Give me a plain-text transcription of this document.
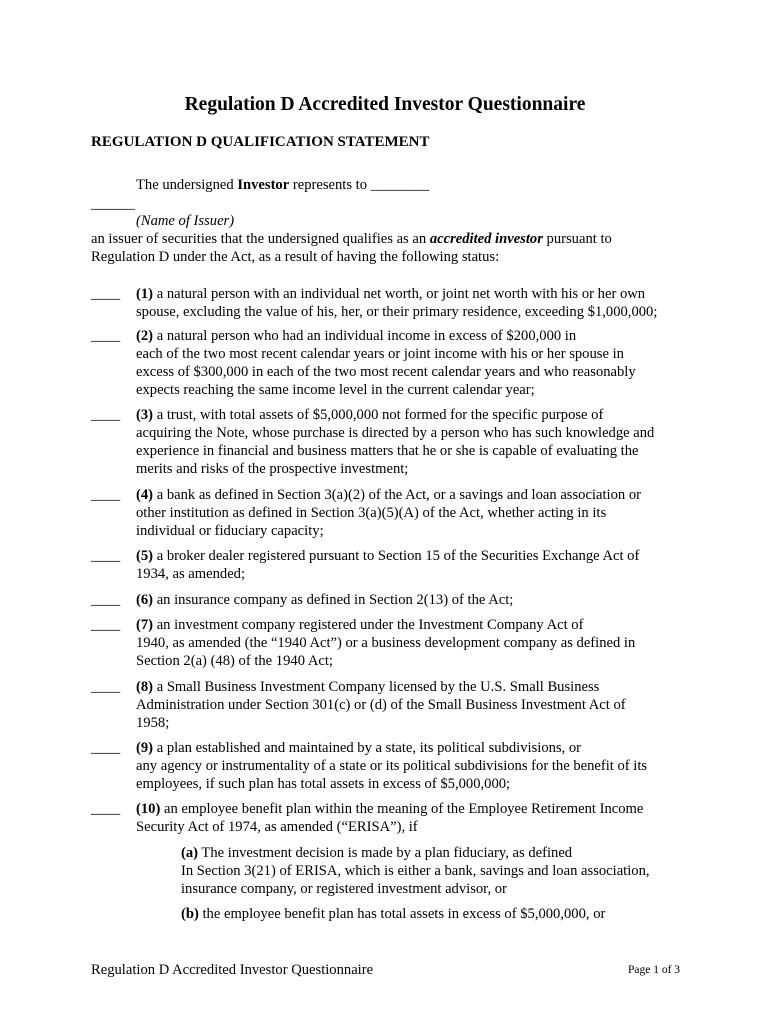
Regulation D Accredited Investor Questionnaire
REGULATION D QUALIFICATION STATEMENT
The undersigned Investor represents to ________
______
(Name of Issuer)
an issuer of securities that the undersigned qualifies as an accredited investor pursuant to
Regulation D under the Act, as a result of having the following status:
____ (1) a natural person with an individual net worth, or joint net worth with his or her own
spouse, excluding the value of his, her, or their primary residence, exceeding $1,000,000;
____ (2) a natural person who had an individual income in excess of $200,000 in
each of the two most recent calendar years or joint income with his or her spouse in
excess of $300,000 in each of the two most recent calendar years and who reasonably
expects reaching the same income level in the current calendar year;
____ (3) a trust, with total assets of $5,000,000 not formed for the specific purpose of
acquiring the Note, whose purchase is directed by a person who has such knowledge and
experience in financial and business matters that he or she is capable of evaluating the
merits and risks of the prospective investment;
____ (4) a bank as defined in Section 3(a)(2) of the Act, or a savings and loan association or
other institution as defined in Section 3(a)(5)(A) of the Act, whether acting in its
individual or fiduciary capacity;
____ (5) a broker dealer registered pursuant to Section 15 of the Securities Exchange Act of
1934, as amended;
____ (6) an insurance company as defined in Section 2(13) of the Act;
____ (7) an investment company registered under the Investment Company Act of
1940, as amended (the “1940 Act”) or a business development company as defined in
Section 2(a) (48) of the 1940 Act;
____ (8) a Small Business Investment Company licensed by the U.S. Small Business
Administration under Section 301(c) or (d) of the Small Business Investment Act of
1958;
____ (9) a plan established and maintained by a state, its political subdivisions, or
any agency or instrumentality of a state or its political subdivisions for the benefit of its
employees, if such plan has total assets in excess of $5,000,000;
____ (10) an employee benefit plan within the meaning of the Employee Retirement Income
Security Act of 1974, as amended (“ERISA”), if
(a) The investment decision is made by a plan fiduciary, as defined
In Section 3(21) of ERISA, which is either a bank, savings and loan association,
insurance company, or registered investment advisor, or
(b) the employee benefit plan has total assets in excess of $5,000,000, or
Regulation D Accredited Investor Questionnaire	Page 1 of 3
